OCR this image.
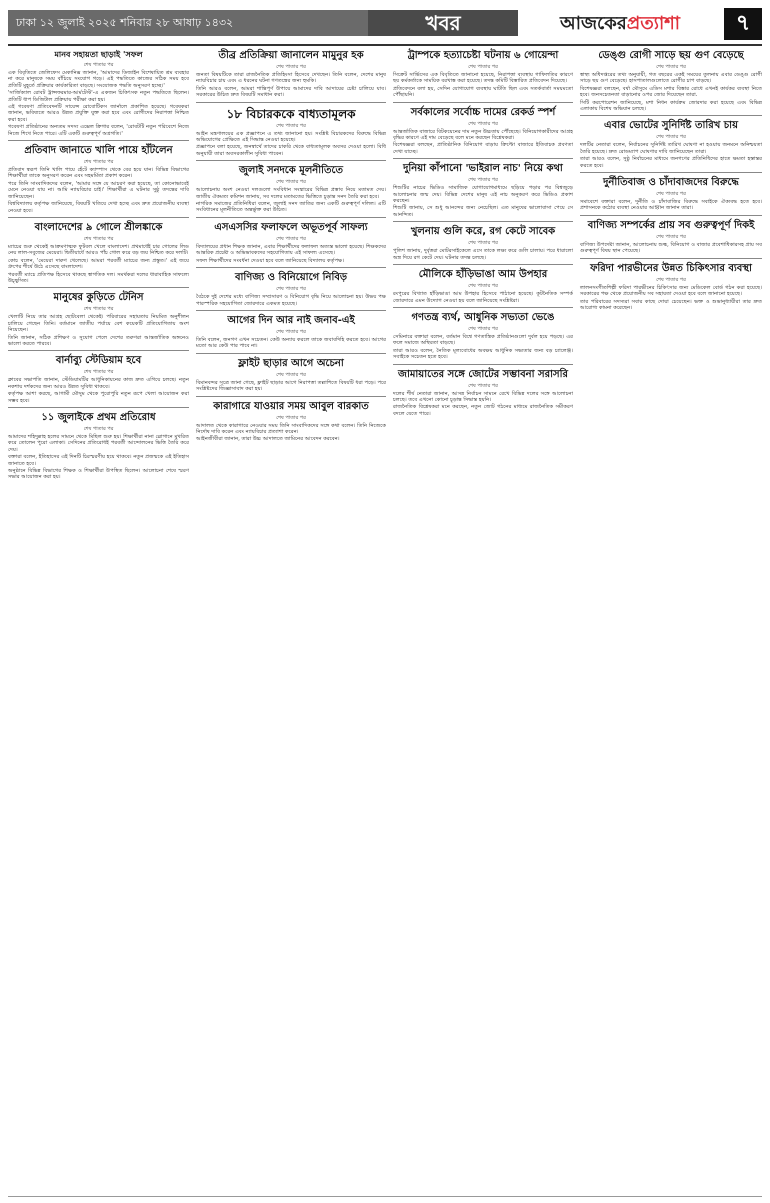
ঢাকা ১২ জুলাই ২০২৫ শনিবার ২৮ আষাঢ় ১৪৩২	খবর	আজকের প্রত্যাশা	৭
মানব সহায়তা ছাড়াই 'সফল
শেষ পাতার পর

এক বিবৃতিতে জেলিফেস মেকানিক্স জানান, 'আমাদের ডিজাইন বিশেষায়িত শ্রম ব্যবহার না করে মানুষকে সময় বাঁচিয়ে সংযোগ গড়ে। এই পদ্ধতিতে কাজের সঠিক সময় হবে প্রতিটি মুহূর্তে প্রক্রিয়ার কার্যকারিতা বাড়ছে। সংযোজক পদ্ধতি অনুসরণ হচ্ছে।'

'সার্জিক্যাল রোবট ট্রান্সফরমার-আর্মটেস্ট'-এ একজন চিকিৎসক নতুন পদ্ধতিতে ছিলেন। প্রতিটি ধাপ ডিজিটাল প্রক্রিয়ায় পরীক্ষা করা হয়।

এই গবেষণা প্রতিবেদনটি সায়েন্স রোবোটিকস জার্নালে প্রকাশিত হয়েছে। গবেষকরা জানান, ভবিষ্যতে আরও উন্নত প্রযুক্তি যুক্ত করা হবে এবং রোগীদের নিরাপত্তা নিশ্চিত করা হবে।

গবেষণা প্রতিষ্ঠানের অন্যতম সদস্য এক্সেল ক্রিগার বলেন, 'রোবটটি নতুন পরিবেশে নিজে নিজে শিখে নিতে পারে। এটি একটি গুরুত্বপূর্ণ অগ্রগতি।'

প্রতিবাদ জানাতে খালি পায়ে হাঁটলেন
শেষ পাতার পর

প্রতিবাদ স্বরূপ তিনি খালি পায়ে হেঁটে ক্যাম্পাস থেকে বের হয়ে যান। বিভিন্ন বিভাগের শিক্ষার্থীরা তাকে অনুসরণ করেন এবং সহমর্মিতা প্রকাশ করেন।

পরে তিনি সাংবাদিকদের বলেন, 'আমার সঙ্গে যে আচরণ করা হয়েছে, তা কোনোভাবেই মেনে নেওয়া যায় না। আমি ন্যায়বিচার চাই।' শিক্ষার্থীরা এ ঘটনার সুষ্ঠু তদন্তের দাবি জানিয়েছেন।

বিশ্ববিদ্যালয় কর্তৃপক্ষ জানিয়েছে, বিষয়টি খতিয়ে দেখা হচ্ছে এবং দ্রুত প্রয়োজনীয় ব্যবস্থা নেওয়া হবে।

বাংলাদেশের ৯ গোলে শ্রীলঙ্কাকে
শেষ পাতার পর

ম্যাচের শুরু থেকেই আক্রমণাত্মক ফুটবল খেলে বাংলাদেশ। প্রথমার্ধেই চার গোলের লিড নেয় লাল-সবুজের মেয়েরা। দ্বিতীয়ার্ধে আরও পাঁচ গোল করে বড় জয় নিশ্চিত করে দলটি।

কোচ বলেন, 'মেয়েরা দারুণ খেলেছে। আমরা পরবর্তী ম্যাচের জন্য প্রস্তুত।' এই জয়ে গ্রুপের শীর্ষে উঠে এসেছে বাংলাদেশ।

পরবর্তী ম্যাচে প্রতিপক্ষ হিসেবে থাকছে স্বাগতিক দল। সমর্থকরা দলের ধারাবাহিক সাফল্যে উচ্ছ্বসিত।

মানুষের কুড়িতে টেনিস
শেষ পাতার পর

খেলাটি নিয়ে তার আগ্রহ ছোটবেলা থেকেই। পরিবারের সহায়তায় নিয়মিত অনুশীলন চালিয়ে গেছেন তিনি। বর্তমানে জাতীয় পর্যায়ে বেশ কয়েকটি প্রতিযোগিতায় অংশ নিয়েছেন।

তিনি জানান, সঠিক প্রশিক্ষণ ও সুযোগ পেলে দেশের তরুণরা আন্তর্জাতিক অঙ্গনেও ভালো করতে পারবে।

বার্নাব্যু স্টেডিয়াম হবে
শেষ পাতার পর

ক্লাবের সভাপতি জানান, স্টেডিয়ামটির আধুনিকায়নের কাজ দ্রুত এগিয়ে চলছে। নতুন নকশায় দর্শকদের জন্য আরও উন্নত সুবিধা থাকবে।

কর্তৃপক্ষ আশা করছে, আগামী মৌসুম থেকে পুরোপুরি নতুন রূপে খেলা আয়োজন করা সম্ভব হবে।

১১ জুলাইকে প্রথম প্রতিরোধ
শেষ পাতার পর

আমাদের শহিদুল্লাহ হলের সামনে থেকে মিছিল শুরু হয়। শিক্ষার্থীরা নানা স্লোগানে মুখরিত করে তোলেন পুরো এলাকা। সেদিনের প্রতিরোধই পরবর্তী আন্দোলনের ভিত্তি তৈরি করে দেয়।

বক্তারা বলেন, ইতিহাসের এই দিনটি চিরস্মরণীয় হয়ে থাকবে। নতুন প্রজন্মকে এই ইতিহাস জানাতে হবে।

অনুষ্ঠানে বিভিন্ন বিভাগের শিক্ষক ও শিক্ষার্থীরা উপস্থিত ছিলেন। আলোচনা শেষে স্মরণ সভার আয়োজন করা হয়।

তীব্র প্রতিক্রিয়া জানালেন মামুনুর হক
শেষ পাতার পর

জনতা বিষয়টিকে তারা রাজনৈতিক প্রতিহিংসা হিসেবে দেখছেন। তিনি বলেন, দেশের মানুষ ন্যায়বিচার চায় এবং এ ধরনের ঘটনা গণতন্ত্রের জন্য হুমকি।

তিনি আরও বলেন, আমরা শান্তিপূর্ণ উপায়ে আমাদের দাবি আদায়ের চেষ্টা চালিয়ে যাব। সরকারের উচিত দ্রুত বিষয়টি সমাধান করা।

১৮ বিচারককে বাধ্যতামূলক
শেষ পাতার পর

আইন মন্ত্রণালয়ের এক প্রজ্ঞাপনে এ তথ্য জানানো হয়। সংশ্লিষ্ট বিচারকদের বিরুদ্ধে বিভিন্ন অভিযোগের প্রেক্ষিতে এই সিদ্ধান্ত নেওয়া হয়েছে।

প্রজ্ঞাপনে বলা হয়েছে, জনস্বার্থে তাদের চাকরি থেকে বাধ্যতামূলক অবসর দেওয়া হলো। বিধি অনুযায়ী তারা অবসরকালীন সুবিধা পাবেন।

জুলাই সনদকে মূলনীতিতে
শেষ পাতার পর

আলোচনায় অংশ নেওয়া দলগুলো সংবিধান সংস্কারের বিভিন্ন প্রস্তাব নিয়ে মতামত দেয়। জাতীয় ঐকমত্য কমিশন জানায়, সব দলের মতামতের ভিত্তিতে চূড়ান্ত সনদ তৈরি করা হবে।

নাগরিক সমাজের প্রতিনিধিরা বলেন, জুলাই সনদ জাতির জন্য একটি গুরুত্বপূর্ণ দলিল। এটি সংবিধানের মূলনীতিতে অন্তর্ভুক্ত করা উচিত।

এসএসসির ফলাফলে অভূতপূর্ব সাফল্য
শেষ পাতার পর

বিদ্যালয়ের প্রধান শিক্ষক জানান, এবার শিক্ষার্থীদের ফলাফল অত্যন্ত ভালো হয়েছে। শিক্ষকদের আন্তরিক প্রচেষ্টা ও অভিভাবকদের সহযোগিতায় এই সাফল্য এসেছে।

সফল শিক্ষার্থীদের সংবর্ধনা দেওয়া হবে বলে জানিয়েছে বিদ্যালয় কর্তৃপক্ষ।

বাণিজ্য ও বিনিয়োগে নিবিড়
শেষ পাতার পর

বৈঠকে দুই দেশের মধ্যে বাণিজ্য সম্প্রসারণ ও বিনিয়োগ বৃদ্ধি নিয়ে আলোচনা হয়। উভয় পক্ষ পারস্পরিক সহযোগিতা জোরদারে একমত হয়েছে।

আগের দিন আর নাই জনাব-এই
শেষ পাতার পর

তিনি বলেন, জনগণ এখন সচেতন। কেউ অন্যায় করলে তাকে জবাবদিহি করতে হবে। আগের মতো আর কেউ পার পাবে না।

ফ্লাইট ছাড়ার আগে অচেনা
শেষ পাতার পর

বিমানবন্দর সূত্রে জানা গেছে, ফ্লাইট ছাড়ার আগে নিরাপত্তা তল্লাশিতে বিষয়টি ধরা পড়ে। পরে সংশ্লিষ্টদের জিজ্ঞাসাবাদ করা হয়।

কারাগারে যাওয়ার সময় আবুল বারকাত
শেষ পাতার পর

আদালত থেকে কারাগারে নেওয়ার সময় তিনি সাংবাদিকদের সঙ্গে কথা বলেন। তিনি নিজেকে নির্দোষ দাবি করেন এবং ন্যায়বিচার প্রত্যাশা করেন।

আইনজীবীরা জানান, তারা উচ্চ আদালতে জামিনের আবেদন করবেন।

ট্রাম্পকে হত্যাচেষ্টা ঘটনায় ৬ গোয়েন্দা
শেষ পাতার পর

সিক্রেট সার্ভিসের এক বিবৃতিতে জানানো হয়েছে, নিরাপত্তা ব্যবস্থায় গাফিলতির কারণে ছয় কর্মকর্তাকে সাময়িক বরখাস্ত করা হয়েছে। তদন্ত কমিটি বিস্তারিত প্রতিবেদন দিয়েছে।

প্রতিবেদনে বলা হয়, সেদিন যোগাযোগ ব্যবস্থায় ঘাটতি ছিল এবং সতর্কবার্তা সময়মতো পৌঁছায়নি।

সর্বকালের সর্বোচ্চ দামের রেকর্ড স্পর্শ
শেষ পাতার পর

আন্তর্জাতিক বাজারে বিটকয়েনের দাম নতুন উচ্চতায় পৌঁছেছে। বিনিয়োগকারীদের আগ্রহ বৃদ্ধির কারণে এই দাম বেড়েছে বলে মনে করছেন বিশ্লেষকরা।

বিশেষজ্ঞরা বলছেন, প্রাতিষ্ঠানিক বিনিয়োগ বাড়ায় ক্রিপ্টো বাজারে ইতিবাচক প্রবণতা দেখা যাচ্ছে।

দুনিয়া কাঁপানো 'ভাইরাল নাচ' নিয়ে কথা
শেষ পাতার পর

শিশুটির নাচের ভিডিও সামাজিক যোগাযোগমাধ্যমে ছড়িয়ে পড়ার পর বিশ্বজুড়ে আলোচনার জন্ম দেয়। বিভিন্ন দেশের মানুষ এই নাচ অনুকরণ করে ভিডিও প্রকাশ করছেন।

শিশুটি জানায়, সে শুধু আনন্দের জন্য নেচেছিল। এত মানুষের ভালোবাসা পেয়ে সে আনন্দিত।

খুলনায় গুলি করে, রগ কেটে সাবেক
শেষ পাতার পর

পুলিশ জানায়, দুর্বৃত্তরা মোটরসাইকেলে এসে তাকে লক্ষ্য করে গুলি চালায়। পরে ধারালো অস্ত্র দিয়ে রগ কেটে দেয়। ঘটনার তদন্ত চলছে।

মৌলিকে হাঁড়িভাঙা আম উপহার
শেষ পাতার পর

রংপুরের বিখ্যাত হাঁড়িভাঙা আম উপহার হিসেবে পাঠানো হয়েছে। কূটনৈতিক সম্পর্ক জোরদারে এমন উদ্যোগ নেওয়া হয় বলে জানিয়েছে সংশ্লিষ্টরা।

গণতন্ত্র ব্যর্থ, আধুনিক সভ্যতা ভেঙে
শেষ পাতার পর

সেমিনারে বক্তারা বলেন, বর্তমান বিশ্বে গণতান্ত্রিক প্রতিষ্ঠানগুলো দুর্বল হয়ে পড়ছে। এর ফলে সমাজে অস্থিরতা বাড়ছে।

তারা আরও বলেন, নৈতিক মূল্যবোধের অবক্ষয় আধুনিক সভ্যতার জন্য বড় চ্যালেঞ্জ। সবাইকে সচেতন হতে হবে।

জামায়াতের সঙ্গে জোটের সম্ভাবনা সরাসরি
শেষ পাতার পর

দলের শীর্ষ নেতারা জানান, আসন্ন নির্বাচন সামনে রেখে বিভিন্ন দলের সঙ্গে আলোচনা চলছে। তবে এখনো কোনো চূড়ান্ত সিদ্ধান্ত হয়নি।

রাজনৈতিক বিশ্লেষকরা মনে করছেন, নতুন জোট গঠনের মাধ্যমে রাজনৈতিক সমীকরণ বদলে যেতে পারে।

ডেঙ্গু রোগী সাড়ে ছয় গুণ বেড়েছে
শেষ পাতার পর

স্বাস্থ্য অধিদপ্তরের তথ্য অনুযায়ী, গত বছরের একই সময়ের তুলনায় এবার ডেঙ্গু রোগী সাড়ে ছয় গুণ বেড়েছে। হাসপাতালগুলোতে রোগীর চাপ বাড়ছে।

বিশেষজ্ঞরা বলছেন, বর্ষা মৌসুমে এডিস মশার বিস্তার রোধে এখনই কার্যকর ব্যবস্থা নিতে হবে। জনসচেতনতা বাড়ানোর ওপর জোর দিয়েছেন তারা.

সিটি করপোরেশন জানিয়েছে, মশা নিধন কার্যক্রম জোরদার করা হয়েছে এবং বিভিন্ন এলাকায় বিশেষ অভিযান চলছে।

এবার ভোটের সুনির্দিষ্ট তারিখ চায়
শেষ পাতার পর

দলটির নেতারা বলেন, নির্বাচনের সুনির্দিষ্ট তারিখ ঘোষণা না হওয়ায় জনমনে অনিশ্চয়তা তৈরি হয়েছে। দ্রুত রোডম্যাপ ঘোষণার দাবি জানিয়েছেন তারা।

তারা আরও বলেন, সুষ্ঠু নির্বাচনের মাধ্যমে জনগণের প্রতিনিধিদের হাতে ক্ষমতা হস্তান্তর করতে হবে।

দুর্নীতিবাজ ও চাঁদাবাজদের বিরুদ্ধে
শেষ পাতার পর

সমাবেশে বক্তারা বলেন, দুর্নীতি ও চাঁদাবাজির বিরুদ্ধে সবাইকে ঐক্যবদ্ধ হতে হবে। প্রশাসনকে কঠোর ব্যবস্থা নেওয়ার আহ্বান জানান তারা।

বাণিজ্য সম্পর্কের প্রায় সব গুরুত্বপূর্ণ দিকই
শেষ পাতার পর

বাণিজ্য উপদেষ্টা জানান, আলোচনায় শুল্ক, বিনিয়োগ ও বাজার প্রবেশাধিকারসহ প্রায় সব গুরুত্বপূর্ণ বিষয় স্থান পেয়েছে।

ফরিদা পারভীনের উন্নত চিকিৎসার ব্যবস্থা
শেষ পাতার পর

লালনসংগীতশিল্পী ফরিদা পারভীনের চিকিৎসার জন্য মেডিকেল বোর্ড গঠন করা হয়েছে। সরকারের পক্ষ থেকে প্রয়োজনীয় সব সহায়তা দেওয়া হবে বলে জানানো হয়েছে।

তার পরিবারের সদস্যরা সবার কাছে দোয়া চেয়েছেন। ভক্ত ও শুভানুধ্যায়ীরা তার দ্রুত আরোগ্য কামনা করেছেন।
